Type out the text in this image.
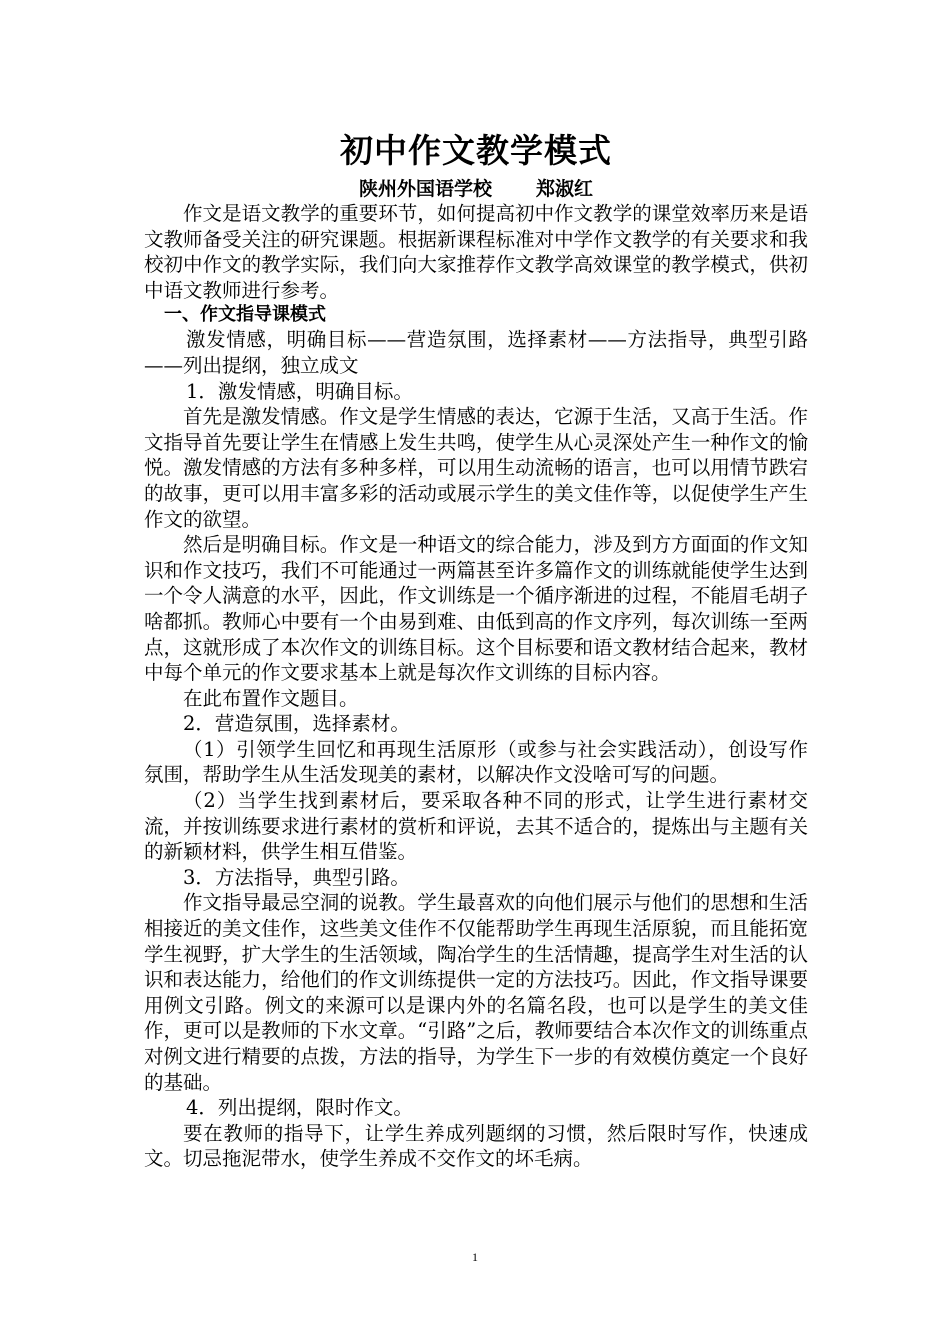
初中作文教学模式
陕州外国语学校 郑淑红

作文是语文教学的重要环节，如何提高初中作文教学的课堂效率历来是语文教师备受关注的研究课题。根据新课程标准对中学作文教学的有关要求和我校初中作文的教学实际，我们向大家推荐作文教学高效课堂的教学模式，供初中语文教师进行参考。

一、作文指导课模式

激发情感，明确目标——营造氛围，选择素材——方法指导，典型引路——列出提纲，独立成文

1．激发情感，明确目标。

首先是激发情感。作文是学生情感的表达，它源于生活，又高于生活。作文指导首先要让学生在情感上发生共鸣，使学生从心灵深处产生一种作文的愉悦。激发情感的方法有多种多样，可以用生动流畅的语言，也可以用情节跌宕的故事，更可以用丰富多彩的活动或展示学生的美文佳作等，以促使学生产生作文的欲望。

然后是明确目标。作文是一种语文的综合能力，涉及到方方面面的作文知识和作文技巧，我们不可能通过一两篇甚至许多篇作文的训练就能使学生达到一个令人满意的水平，因此，作文训练是一个循序渐进的过程，不能眉毛胡子啥都抓。教师心中要有一个由易到难、由低到高的作文序列，每次训练一至两点，这就形成了本次作文的训练目标。这个目标要和语文教材结合起来，教材中每个单元的作文要求基本上就是每次作文训练的目标内容。

在此布置作文题目。

2．营造氛围，选择素材。

（1）引领学生回忆和再现生活原形（或参与社会实践活动），创设写作氛围，帮助学生从生活发现美的素材，以解决作文没啥可写的问题。

（2）当学生找到素材后，要采取各种不同的形式，让学生进行素材交流，并按训练要求进行素材的赏析和评说，去其不适合的，提炼出与主题有关的新颖材料，供学生相互借鉴。

3．方法指导，典型引路。

作文指导最忌空洞的说教。学生最喜欢的向他们展示与他们的思想和生活相接近的美文佳作，这些美文佳作不仅能帮助学生再现生活原貌，而且能拓宽学生视野，扩大学生的生活领域，陶冶学生的生活情趣，提高学生对生活的认识和表达能力，给他们的作文训练提供一定的方法技巧。因此，作文指导课要用例文引路。例文的来源可以是课内外的名篇名段，也可以是学生的美文佳作，更可以是教师的下水文章。“引路”之后，教师要结合本次作文的训练重点对例文进行精要的点拨，方法的指导，为学生下一步的有效模仿奠定一个良好的基础。

4．列出提纲，限时作文。

要在教师的指导下，让学生养成列题纲的习惯，然后限时写作，快速成文。切忌拖泥带水，使学生养成不交作文的坏毛病。

1
